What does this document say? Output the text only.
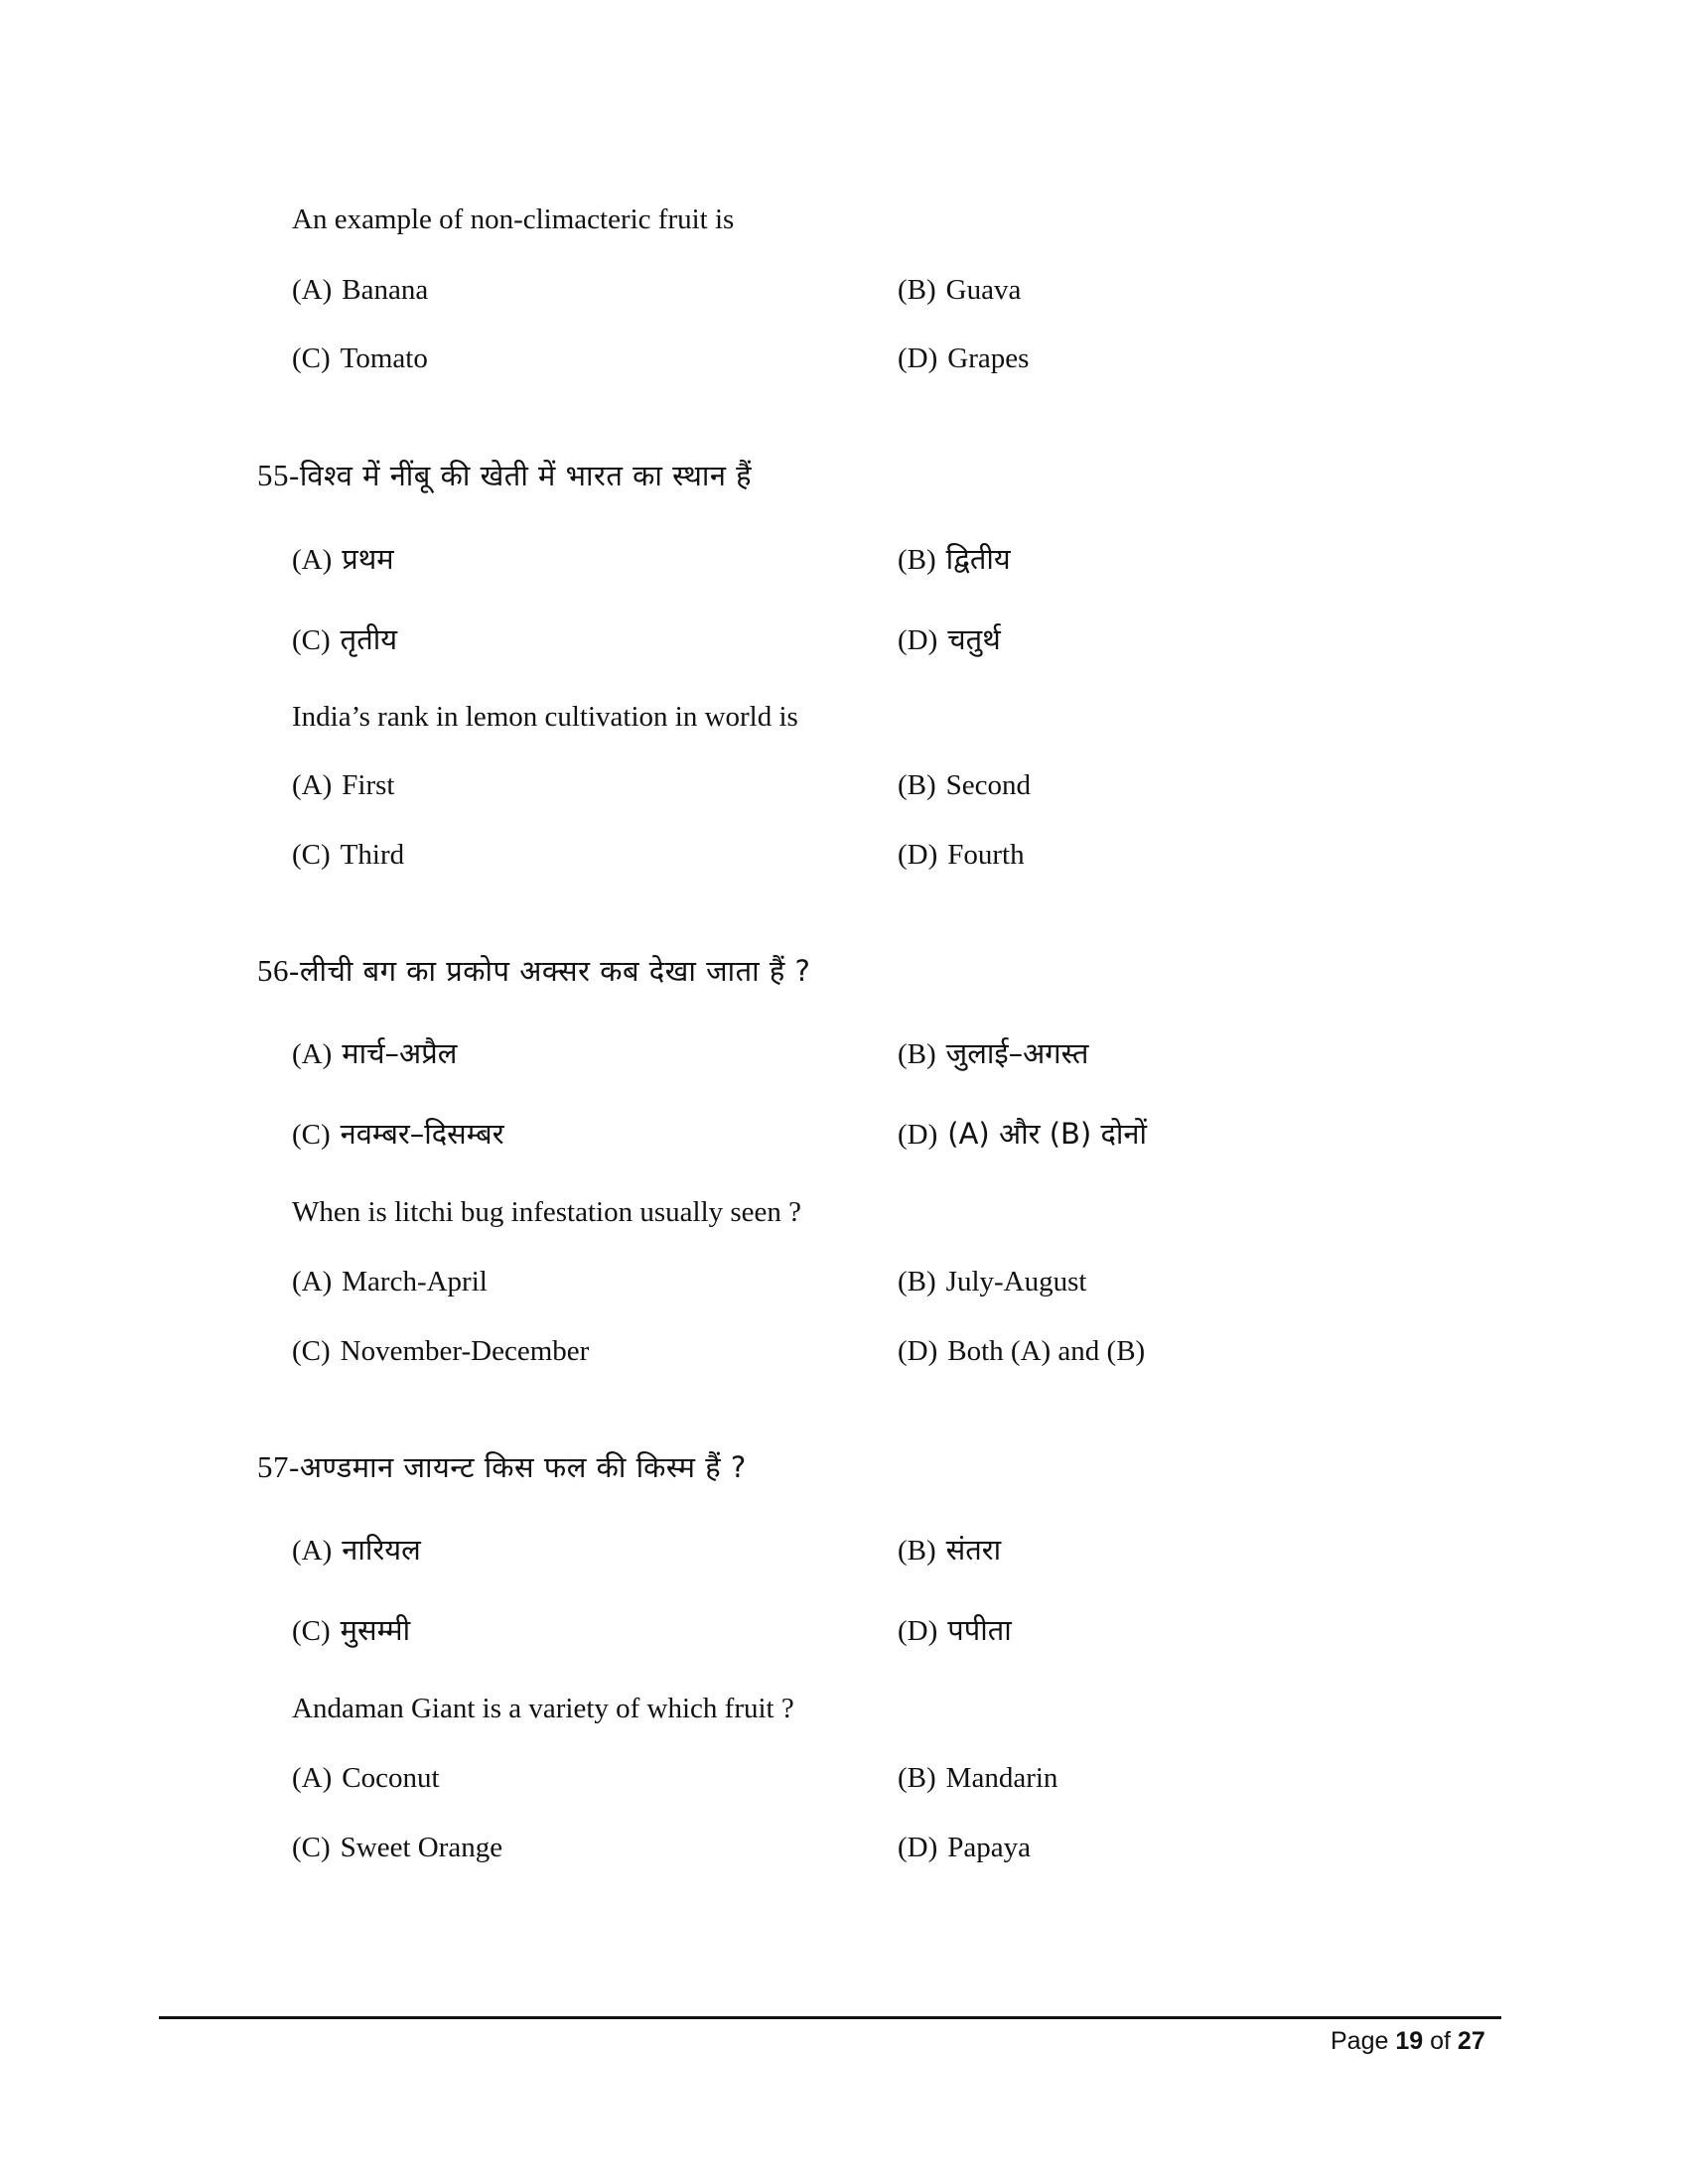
An example of non-climacteric fruit is
(A) Banana	(B) Guava
(C) Tomato	(D) Grapes
55-विश्व में नींबू की खेती में भारत का स्थान हैं
(A) प्रथम	(B) द्वितीय
(C) तृतीय	(D) चतुर्थ
India’s rank in lemon cultivation in world is
(A) First	(B) Second
(C) Third	(D) Fourth
56-लीची बग का प्रकोप अक्सर कब देखा जाता हैं ?
(A) मार्च–अप्रैल	(B) जुलाई–अगस्त
(C) नवम्बर–दिसम्बर	(D) (A) और (B) दोनों
When is litchi bug infestation usually seen ?
(A) March-April	(B) July-August
(C) November-December	(D) Both (A) and (B)
57-अण्डमान जायन्ट किस फल की किस्म हैं ?
(A) नारियल	(B) संतरा
(C) मुसम्मी	(D) पपीता
Andaman Giant is a variety of which fruit ?
(A) Coconut	(B) Mandarin
(C) Sweet Orange	(D) Papaya
Page 19 of 27
